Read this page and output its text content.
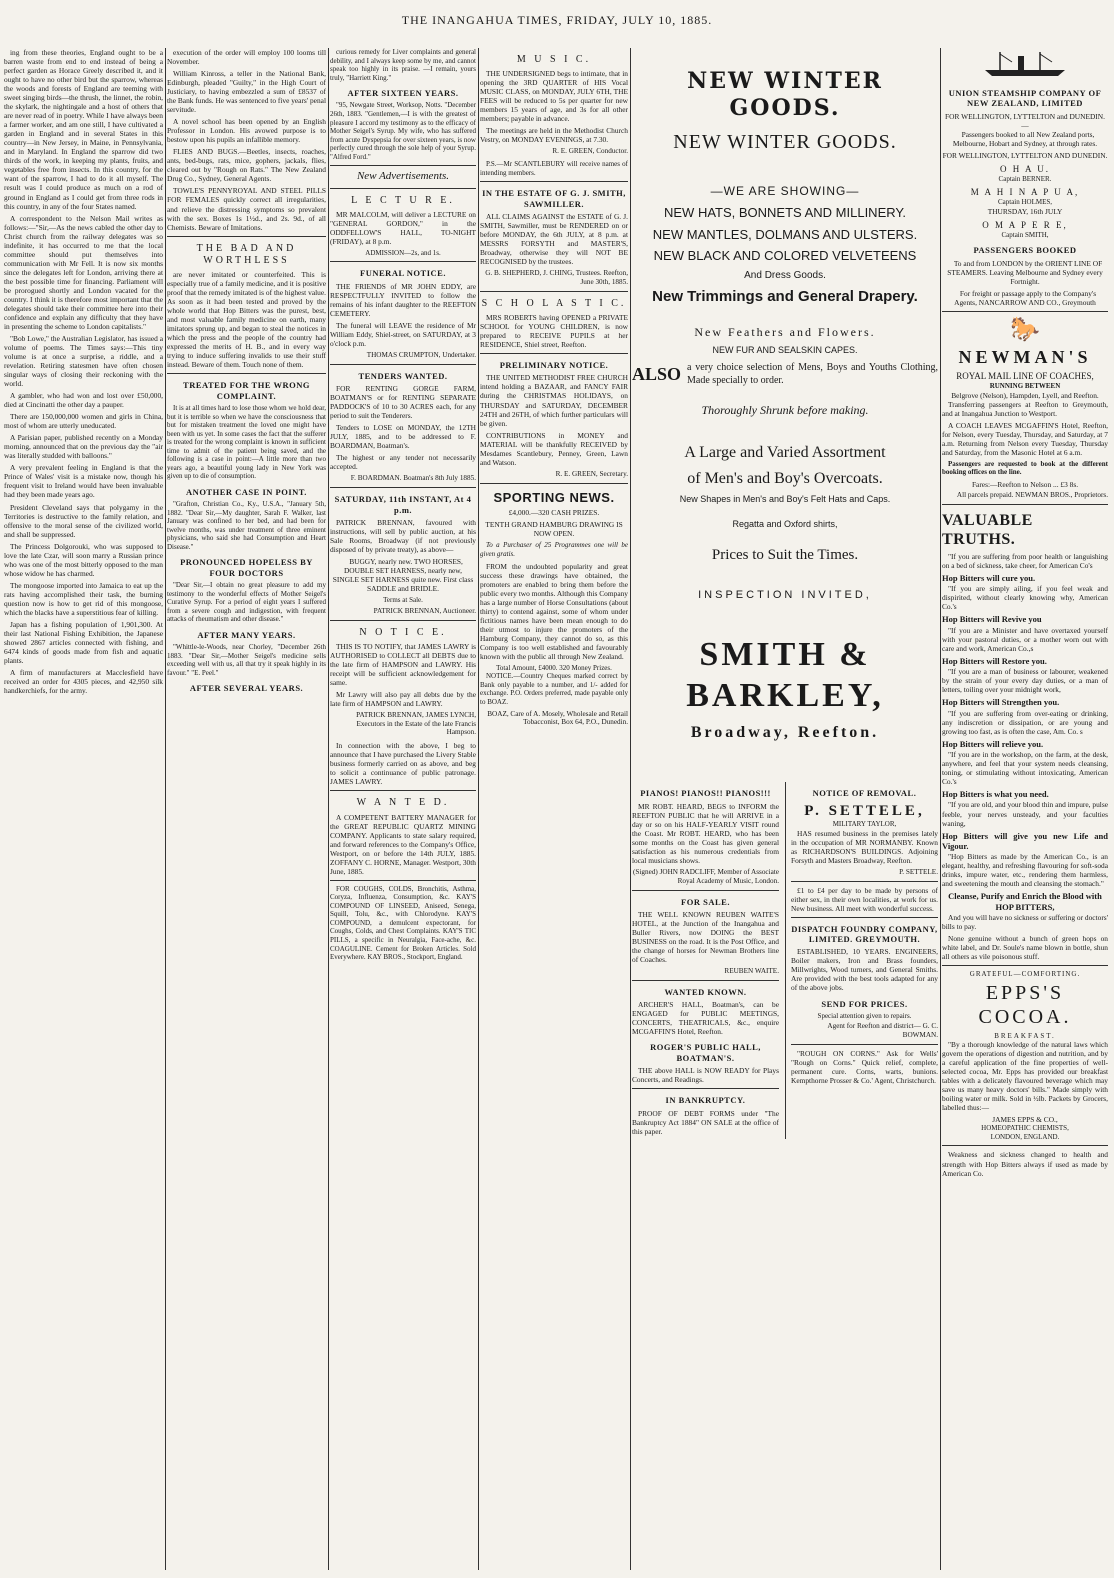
THE INANGAHUA TIMES, FRIDAY, JULY 10, 1885.

ing from these theories, England ought to be a barren waste from end to end instead of being a perfect garden as Horace Greely described it, and it ought to have no other bird but the sparrow, whereas the woods and forests of England are teeming with sweet singing birds—the thrush, the linnet, the robin, the skylark, the nightingale and a host of others that are never read of in poetry. While I have always been a farmer worker, and am one still, I have cultivated a garden in England and in several States in this country—in New Jersey, in Maine, in Pennsylvania, and in Maryland. In England the sparrow did two thirds of the work, in keeping my plants, fruits, and vegetables free from insects. In this country, for the want of the sparrow, I had to do it all myself. The result was I could produce as much on a rod of ground in England as I could get from three rods in this country, in any of the four States named.

A correspondent to the Nelson Mail writes as follows:—"Sir,—As the news cabled the other day to Christ church from the railway delegates was so indefinite, it has occurred to me that the local committee should put themselves into communication with Mr Fell. It is now six months since the delegates left for London, arriving there at the best possible time for financing. Parliament will be prorogued shortly and London vacated for the country. I think it is therefore most important that the delegates should take their committee here into their confidence and explain any difficulty that they have in presenting the scheme to London capitalists."

"Bob Lowe," the Australian Legislator, has issued a volume of poems. The Times says:—This tiny volume is at once a surprise, a riddle, and a revelation. Retiring statesmen have often chosen singular ways of closing their reckoning with the world.

A gambler, who had won and lost over £50,000, died at Cincinatti the other day a pauper.

There are 150,000,000 women and girls in China, most of whom are utterly uneducated.

A Parisian paper, published recently on a Monday morning, announced that on the previous day the "air was literally studded with balloons."

A very prevalent feeling in England is that the Prince of Wales' visit is a mistake now, though his frequent visit to Ireland would have been invaluable had they been made years ago.

President Cleveland says that polygamy in the Territories is destructive to the family relation, and offensive to the moral sense of the civilized world, and shall be suppressed.

The Princess Dolgorouki, who was supposed to love the late Czar, will soon marry a Russian prince who was one of the most bitterly opposed to the man whose widow he has charmed.

The mongoose imported into Jamaica to eat up the rats having accomplished their task, the burning question now is how to get rid of this mongoose, which the blacks have a superstitious fear of killing.

Japan has a fishing population of 1,901,300. At their last National Fishing Exhibition, the Japanese showed 2867 articles connected with fishing, and 6474 kinds of goods made from fish and aquatic plants.

A firm of manufacturers at Macclesfield have received an order for 4305 pieces, and 42,950 silk handkerchiefs, for the army.

execution of the order will employ 100 looms till November.

William Kinross, a teller in the National Bank, Edinburgh, pleaded "Guilty," in the High Court of Justiciary, to having embezzled a sum of £8537 of the Bank funds. He was sentenced to five years' penal servitude.

A novel school has been opened by an English Professor in London. His avowed purpose is to bestow upon his pupils an infallible memory.

FLIES AND BUGS.—Beetles, insects, roaches, ants, bed-bugs, rats, mice, gophers, jackals, flies, cleared out by "Rough on Rats." The New Zealand Drug Co., Sydney, General Agents.

TOWLE'S PENNYROYAL AND STEEL PILLS FOR FEMALES quickly correct all irregularities, and relieve the distressing symptoms so prevalent with the sex. Boxes 1s 1½d., and 2s. 9d., of all Chemists. Beware of Imitations.

THE BAD AND WORTHLESS

are never imitated or counterfeited. This is especially true of a family medicine, and it is positive proof that the remedy imitated is of the highest value. As soon as it had been tested and proved by the whole world that Hop Bitters was the purest, best, and most valuable family medicine on earth, many imitators sprung up, and began to steal the notices in which the press and the people of the country had expressed the merits of H. B., and in every way trying to induce suffering invalids to use their stuff instead. Beware of them. Touch none of them.

TREATED FOR THE WRONG COMPLAINT.

It is at all times hard to lose those whom we hold dear, but it is terrible so when we have the consciousness that but for mistaken treatment the loved one might have been with us yet. In some cases the fact that the sufferer is treated for the wrong complaint is known in sufficient time to admit of the patient being saved, and the following is a case in point:—A little more than two years ago, a beautiful young lady in New York was given up to die of consumption.

ANOTHER CASE IN POINT.

"Grafton, Christian Co., Ky., U.S.A., "January 5th, 1882. "Dear Sir,—My daughter, Sarah F. Walker, last January was confined to her bed, and had been for twelve months, was under treatment of three eminent physicians, who said she had Consumption and Heart Disease."

PRONOUNCED HOPELESS BY FOUR DOCTORS

"Dear Sir,—I obtain no great pleasure to add my testimony to the wonderful effects of Mother Seigel's Curative Syrup. For a period of eight years I suffered from a severe cough and indigestion, with frequent attacks of rheumatism and other disease."

AFTER MANY YEARS.

"Whittle-le-Woods, near Chorley, "December 26th 1883. "Dear Sir,—Mother Seigel's medicine sells exceeding well with us, all that try it speak highly in its favour." "E. Peel."

AFTER SEVERAL YEARS.

curious remedy for Liver complaints and general debility, and I always keep some by me, and cannot speak too highly in its praise. —I remain, yours truly, "Harriett King."

AFTER SIXTEEN YEARS.

"95, Newgate Street, Worksop, Notts. "December 26th, 1883. "Gentlemen,—I is with the greatest of pleasure I accord my testimony as to the efficacy of Mother Seigel's Syrup. My wife, who has suffered from acute Dyspepsia for over sixteen years, is now perfectly cured through the sole help of your Syrup. "Alfred Ford."

New Advertisements.
L E C T U R E.

MR MALCOLM, will deliver a LECTURE on "GENERAL GORDON," in the ODDFELLOW'S HALL, TO-NIGHT (FRIDAY), at 8 p.m.

ADMISSION—2s, and 1s.
FUNERAL NOTICE.

THE FRIENDS of MR JOHN EDDY, are RESPECTFULLY INVITED to follow the remains of his infant daughter to the REEFTON CEMETERY.

The funeral will LEAVE the residence of Mr William Eddy, Shiel-street, on SATURDAY, at 3 o'clock p.m.

THOMAS CRUMPTON, Undertaker.
TENDERS WANTED.

FOR RENTING GORGE FARM, BOATMAN'S or for RENTING SEPARATE PADDOCK'S of 10 to 30 ACRES each, for any period to suit the Tenderers.

Tenders to LOSE on MONDAY, the 12TH JULY, 1885, and to be addressed to F. BOARDMAN, Boatman's.

The highest or any tender not necessarily accepted.

F. BOARDMAN. Boatman's 8th July 1885.
SATURDAY, 11th INSTANT, At 4 p.m.

PATRICK BRENNAN, favoured with instructions, will sell by public auction, at his Sale Rooms, Broadway (if not previously disposed of by private treaty), as above—

BUGGY, nearly new. TWO HORSES, DOUBLE SET HARNESS, nearly new, SINGLE SET HARNESS quite new. First class SADDLE and BRIDLE.

Terms at Sale.
PATRICK BRENNAN, Auctioneer.
N O T I C E.

THIS IS TO NOTIFY, that JAMES LAWRY is AUTHORISED to COLLECT all DEBTS due to the late firm of HAMPSON and LAWRY. His receipt will be sufficient acknowledgement for same.

Mr Lawry will also pay all debts due by the late firm of HAMPSON and LAWRY.

PATRICK BRENNAN, JAMES LYNCH, Executors in the Estate of the late Francis Hampson.

In connection with the above, I beg to announce that I have purchased the Livery Stable business formerly carried on as above, and beg to solicit a continuance of public patronage. JAMES LAWRY.

W A N T E D.

A COMPETENT BATTERY MANAGER for the GREAT REPUBLIC QUARTZ MINING COMPANY. Applicants to state salary required, and forward references to the Company's Office, Westport, on or before the 14th JULY, 1885. ZOFFANY C. HORNE, Manager. Westport, 30th June, 1885.

FOR COUGHS, COLDS, Bronchitis, Asthma, Coryza, Influenza, Consumption, &c. KAY'S COMPOUND OF LINSEED, Aniseed, Senega, Squill, Tolu, &c., with Chlorodyne. KAY'S COMPOUND, a demulcent expectorant, for Coughs, Colds, and Chest Complaints. KAY'S TIC PILLS, a specific in Neuralgia, Face-ache, &c. COAGULINE. Cement for Broken Articles. Sold Everywhere. KAY BROS., Stockport, England.

M U S I C.

THE UNDERSIGNED begs to intimate, that in opening the 3RD QUARTER of HIS Vocal MUSIC CLASS, on MONDAY, JULY 6TH, THE FEES will be reduced to 5s per quarter for new members 15 years of age, and 3s for all other members; payable in advance.

The meetings are held in the Methodist Church Vestry, on MONDAY EVENINGS, at 7.30.

R. E. GREEN, Conductor.

P.S.—Mr SCANTLEBURY will receive names of intending members.

IN THE ESTATE OF G. J. SMITH, SAWMILLER.

ALL CLAIMS AGAINST the ESTATE of G. J. SMITH, Sawmiller, must be RENDERED on or before MONDAY, the 6th JULY, at 8 p.m. at MESSRS FORSYTH and MASTER'S, Broadway, otherwise they will NOT BE RECOGNISED by the trustees.

G. B. SHEPHERD, J. CHING, Trustees. Reefton, June 30th, 1885.
S C H O L A S T I C.

MRS ROBERTS having OPENED a PRIVATE SCHOOL for YOUNG CHILDREN, is now prepared to RECEIVE PUPILS at her RESIDENCE, Shiel street, Reefton.

PRELIMINARY NOTICE.

THE UNITED METHODIST FREE CHURCH intend holding a BAZAAR, and FANCY FAIR during the CHRISTMAS HOLIDAYS, on THURSDAY and SATURDAY, DECEMBER 24TH and 26TH, of which further particulars will be given.

CONTRIBUTIONS in MONEY and MATERIAL will be thankfully RECEIVED by Mesdames Scantlebury, Penney, Green, Lawn and Watson.

R. E. GREEN, Secretary.
SPORTING NEWS.
£4,000.—320 CASH PRIZES.
TENTH GRAND HAMBURG DRAWING IS NOW OPEN.

To a Purchaser of 25 Programmes one will be given gratis.

FROM the undoubted popularity and great success these drawings have obtained, the promoters are enabled to bring them before the public every two months. Although this Company has a large number of Horse Consultations (about thirty) to contend against, some of whom under fictitious names have been mean enough to do their utmost to injure the promoters of the Hamburg Company, they cannot do so, as this Company is too well established and favourably known with the public all through New Zealand.

Total Amount, £4000. 320 Money Prizes.

NOTICE.—Country Cheques marked correct by Bank only payable to a number, and 1/- added for exchange. P.O. Orders preferred, made payable only to BOAZ.

BOAZ, Care of A. Mosely, Wholesale and Retail Tobacconist, Box 64, P.O., Dunedin.
NEW WINTER GOODS.
NEW WINTER GOODS.
—WE ARE SHOWING—
NEW HATS, BONNETS AND MILLINERY.
NEW MANTLES, DOLMANS AND ULSTERS.
NEW BLACK AND COLORED VELVETEENS
And Dress Goods.
New Trimmings and General Drapery.
New Feathers and Flowers.
NEW FUR AND SEALSKIN CAPES.
ALSO a very choice selection of Mens, Boys and Youths Clothing, Made specially to order.
Thoroughly Shrunk before making.
A Large and Varied Assortment
of Men's and Boy's Overcoats.
New Shapes in Men's and Boy's Felt Hats and Caps.
Regatta and Oxford shirts,
Prices to Suit the Times.
INSPECTION INVITED,
SMITH & BARKLEY,
Broadway, Reefton.
PIANOS! PIANOS!! PIANOS!!!

MR ROBT. HEARD, BEGS to INFORM the REEFTON PUBLIC that he will ARRIVE in a day or so on his HALF-YEARLY VISIT round the Coast. Mr ROBT. HEARD, who has been some months on the Coast has given general satisfaction as his numerous credentials from local musicians shows.

(Signed) JOHN RADCLIFF, Member of Associate Royal Academy of Music, London.
FOR SALE.

THE WELL KNOWN REUBEN WAITE'S HOTEL, at the Junction of the Inangahua and Buller Rivers, now DOING the BEST BUSINESS on the road. It is the Post Office, and the change of horses for Newman Brothers line of Coaches.

REUBEN WAITE.
WANTED KNOWN.

ARCHER'S HALL, Boatman's, can be ENGAGED for PUBLIC MEETINGS, CONCERTS, THEATRICALS, &c., enquire MCGAFFIN'S Hotel, Reefton.

ROGER'S PUBLIC HALL, BOATMAN'S.

THE above HALL is NOW READY for Plays Concerts, and Readings.

IN BANKRUPTCY.

PROOF OF DEBT FORMS under "The Bankruptcy Act 1884" ON SALE at the office of this paper.

NOTICE OF REMOVAL.
P. SETTELE,
MILITARY TAYLOR,

HAS resumed business in the premises lately in the occupation of MR NORMANBY. Known as RICHARDSON'S BUILDINGS. Adjoining Forsyth and Masters Broadway, Reefton.

P. SETTELE.

£1 to £4 per day to be made by persons of either sex, in their own localities, at work for us. New business. All meet with wonderful success.

DISPATCH FOUNDRY COMPANY, LIMITED. GREYMOUTH.

ESTABLISHED, 10 YEARS. ENGINEERS, Boiler makers, Iron and Brass founders, Millwrights, Wood turners, and General Smiths. Are provided with the best tools adapted for any of the above jobs.

SEND FOR PRICES.
Special attention given to repairs.
Agent for Reefton and district— G. C. BOWMAN.

"ROUGH ON CORNS." Ask for Wells' "Rough on Corns." Quick relief, complete, permanent cure. Corns, warts, bunions. Kempthorne Prosser & Co.' Agent, Christchurch.

UNION STEAMSHIP COMPANY OF NEW ZEALAND, LIMITED
FOR WELLINGTON, LYTTELTON and DUNEDIN.—

Passengers booked to all New Zealand ports, Melbourne, Hobart and Sydney, at through rates.

FOR WELLINGTON, LYTTELTON AND DUNEDIN.
O H A U.
Captain BERNER.
M A H I N A P U A,
Captain HOLMES,
THURSDAY, 16th JULY
O M A P E R E,
Captain SMITH,
PASSENGERS BOOKED

To and from LONDON by the ORIENT LINE OF STEAMERS. Leaving Melbourne and Sydney every Fortnight.

For freight or passage apply to the Company's Agents, NANCARROW AND CO., Greymouth

🐎
NEWMAN'S
ROYAL MAIL LINE OF COACHES,
RUNNING BETWEEN
Belgrove (Nelson), Hampden, Lyell, and Reefton.

Transferring passengers at Reefton to Greymouth, and at Inangahua Junction to Westport.

A COACH LEAVES MCGAFFIN'S Hotel, Reefton, for Nelson, every Tuesday, Thursday, and Saturday, at 7 a.m. Returning from Nelson every Tuesday, Thursday and Saturday, from the Masonic Hotel at 6 a.m.

Passengers are requested to book at the different booking offices on the line.

Fares:—Reefton to Nelson ... £3 8s.
All parcels prepaid. NEWMAN BROS., Proprietors.
VALUABLE TRUTHS.

"If you are suffering from poor health or languishing on a bed of sickness, take cheer, for American Co's

Hop Bitters will cure you.

"If you are simply ailing, if you feel weak and dispirited, without clearly knowing why, American Co.'s

Hop Bitters will Revive you

"If you are a Minister and have overtaxed yourself with your pastoral duties, or a mother worn out with care and work, American Co.,s

Hop Bitters will Restore you.

"If you are a man of business or labourer, weakened by the strain of your every day duties, or a man of letters, toiling over your midnight work,

Hop Bitters will Strengthen you.

"If you are suffering from over-eating or drinking, any indiscretion or dissipation, or are young and growing too fast, as is often the case, Am. Co. s

Hop Bitters will relieve you.

"If you are in the workshop, on the farm, at the desk, anywhere, and feel that your system needs cleansing, toning, or stimulating without intoxicating, American Co.'s

Hop Bitters is what you need.

"If you are old, and your blood thin and impure, pulse feeble, your nerves unsteady, and your faculties waning,

Hop Bitters will give you new Life and Vigour.

"Hop Bitters as made by the American Co., is an elegant, healthy, and refreshing flavouring for soft-soda drinks, impure water, etc., rendering them harmless, and sweetening the mouth and cleansing the stomach."

Cleanse, Purify and Enrich the Blood with HOP BITTERS,

And you will have no sickness or suffering or doctors' bills to pay.

None genuine without a bunch of green hops on white label, and Dr. Soule's name blown in bottle, shun all others as vile poisonous stuff.

GRATEFUL—COMFORTING.
EPPS'S COCOA.
BREAKFAST.

"By a thorough knowledge of the natural laws which govern the operations of digestion and nutrition, and by a careful application of the fine properties of well-selected cocoa, Mr. Epps has provided our breakfast tables with a delicately flavoured beverage which may save us many heavy doctors' bills." Made simply with boiling water or milk. Sold in ½lb. Packets by Grocers, labelled thus:—

JAMES EPPS & CO.,
HOMEOPATHIC CHEMISTS,
LONDON, ENGLAND.

Weakness and sickness changed to health and strength with Hop Bitters always if used as made by American Co.
